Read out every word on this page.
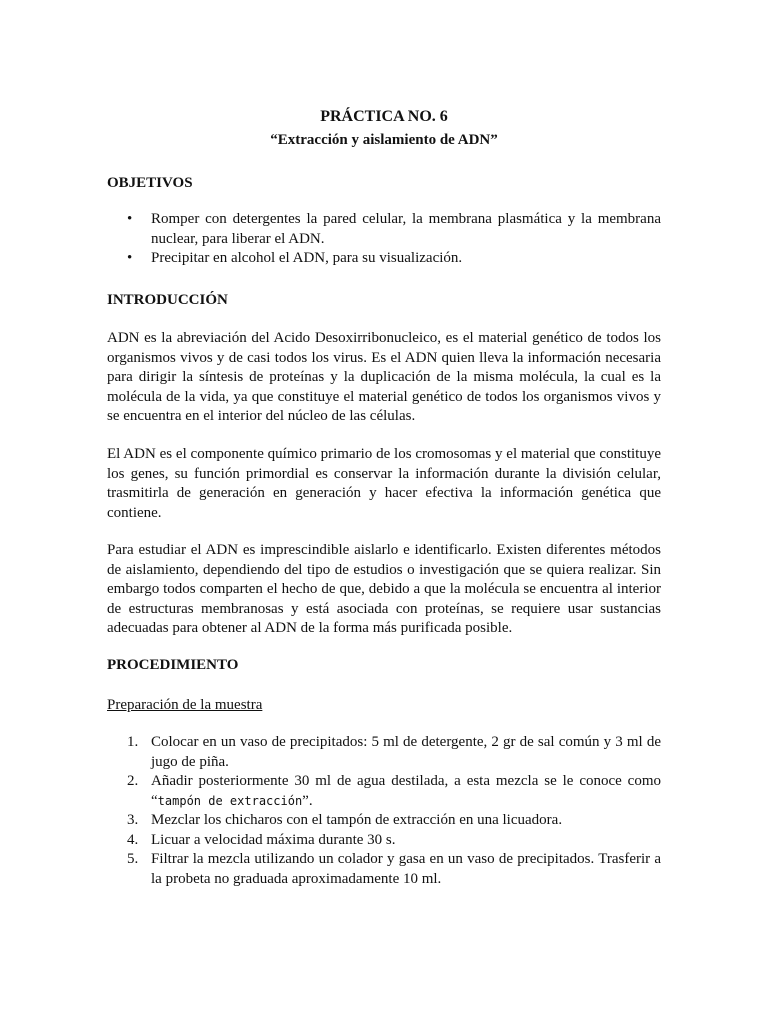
PRÁCTICA NO. 6
“Extracción y aislamiento de ADN”
OBJETIVOS
• Romper con detergentes la pared celular, la membrana plasmática y la membrana nuclear, para liberar el ADN.
• Precipitar en alcohol el ADN, para su visualización.
INTRODUCCIÓN

ADN es la abreviación del Acido Desoxirribonucleico, es el material genético de todos los organismos vivos y de casi todos los virus. Es el ADN quien lleva la información necesaria para dirigir la síntesis de proteínas y la duplicación de la misma molécula, la cual es la molécula de la vida, ya que constituye el material genético de todos los organismos vivos y se encuentra en el interior del núcleo de las células.

El ADN es el componente químico primario de los cromosomas y el material que constituye los genes, su función primordial es conservar la información durante la división celular, trasmitirla de generación en generación y hacer efectiva la información genética que contiene.

Para estudiar el ADN es imprescindible aislarlo e identificarlo. Existen diferentes métodos de aislamiento, dependiendo del tipo de estudios o investigación que se quiera realizar. Sin embargo todos comparten el hecho de que, debido a que la molécula se encuentra al interior de estructuras membranosas y está asociada con proteínas, se requiere usar sustancias adecuadas para obtener al ADN de la forma más purificada posible.

PROCEDIMIENTO
Preparación de la muestra
1. Colocar en un vaso de precipitados: 5 ml de detergente, 2 gr de sal común y 3 ml de jugo de piña.
2. Añadir posteriormente 30 ml de agua destilada, a esta mezcla se le conoce como “tampón de extracción”.
3. Mezclar los chicharos con el tampón de extracción en una licuadora.
4. Licuar a velocidad máxima durante 30 s.
5. Filtrar la mezcla utilizando un colador y gasa en un vaso de precipitados. Trasferir a la probeta no graduada aproximadamente 10 ml.
